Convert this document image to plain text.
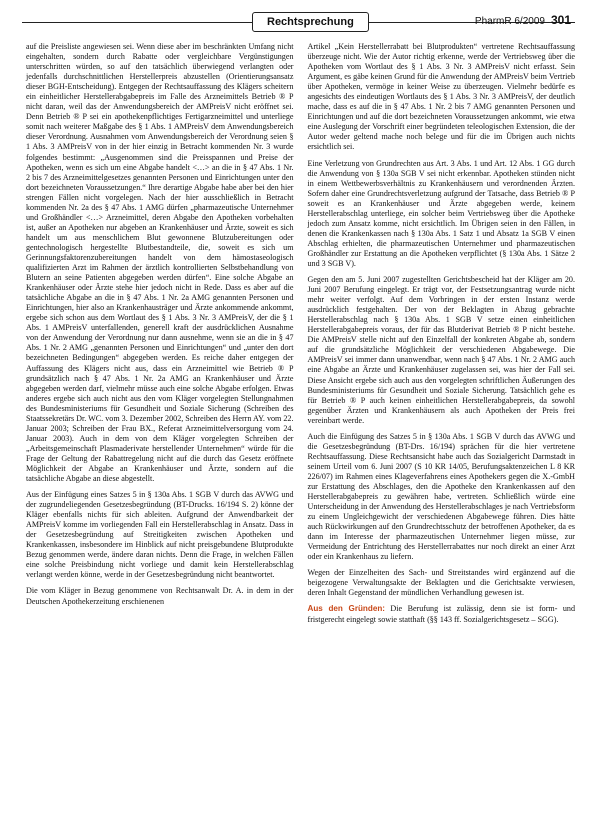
Rechtsprechung	PharmR 6/2009 301

auf die Preisliste angewiesen sei. Wenn diese aber im beschränkten Umfang nicht eingehalten, sondern durch Rabatte oder vergleichbare Vergünstigungen unterschritten würden, so auf den tatsächlich überwiegend verlangten oder jedenfalls durchschnittlichen Herstellerpreis abzustellen (Orientierungsansatz dieser BGH-Entscheidung). Entgegen der Rechtsauffassung des Klägers scheitern ein einheitlicher Herstellerabgabepreis im Falle des Arzneimittels Betrieb ® P nicht daran, weil das der Anwendungsbereich der AMPreisV nicht eröffnet sei. Denn Betrieb ® P sei ein apothekenpflichtiges Fertigarzneimittel und unterliege somit nach weiterer Maßgabe des § 1 Abs. 1 AMPreisV dem Anwendungsbereich dieser Verordnung. Ausnahmen vom Anwendungsbereich der Verordnung seien § 1 Abs. 3 AMPreisV von in der hier einzig in Betracht kommenden Nr. 3 wurde folgendes bestimmt: „Ausgenommen sind die Preisspannen und Preise der Apotheken, wenn es sich um eine Abgabe handelt <…> an die in § 47 Abs. 1 Nr. 2 bis 7 des Arzneimittelgesetzes genannten Personen und Einrichtungen unter den dort bezeichneten Voraussetzungen.“ Ihre derartige Abgabe habe aber bei den hier strengen Fällen nicht vorgelegen. Nach der hier ausschließlich in Betracht kommenden Nr. 2a des § 47 Abs. 1 AMG dürfen „pharmazeutische Unternehmer und Großhändler <…> Arzneimittel, deren Abgabe den Apotheken vorbehalten ist, außer an Apotheken nur abgeben an Krankenhäuser und Ärzte, soweit es sich handelt um aus menschlichem Blut gewonnene Blutzubereitungen oder gentechnologisch hergestellte Blutbestandteile, die, soweit es sich um Gerinnungsfaktorenzubereitungen handelt von dem hämostaseologisch qualifizierten Arzt im Rahmen der ärztlich kontrollierten Selbstbehandlung von Blutern an seine Patienten abgegeben werden dürfen“. Eine solche Abgabe an Krankenhäuser oder Ärzte stehe hier jedoch nicht in Rede. Dass es aber auf die tatsächliche Abgabe an die in § 47 Abs. 1 Nr. 2a AMG genannten Personen und Einrichtungen, hier also an Krankenhausträger und Ärzte ankommende ankommt, ergebe sich schon aus dem Wortlaut des § 1 Abs. 3 Nr. 3 AMPreisV, der die § 1 Abs. 1 AMPreisV unterfallenden, generell kraft der ausdrücklichen Ausnahme von der Anwendung der Verordnung nur dann ausnehme, wenn sie an die in § 47 Abs. 1 Nr. 2 AMG „genannten Personen und Einrichtungen“ und „unter den dort bezeichneten Bedingungen“ abgegeben werden. Es reiche daher entgegen der Auffassung des Klägers nicht aus, dass ein Arzneimittel wie Betrieb ® P grundsätzlich nach § 47 Abs. 1 Nr. 2a AMG an Krankenhäuser und Ärzte abgegeben werden darf, vielmehr müsse auch eine solche Abgabe erfolgen. Etwas anderes ergebe sich auch nicht aus den vom Kläger vorgelegten Stellungnahmen des Bundesministeriums für Gesundheit und Soziale Sicherung (Schreiben des Staatssekretärs Dr. WC. vom 3. Dezember 2002, Schreiben des Herrn AY. vom 22. Januar 2003; Schreiben der Frau BX., Referat Arzneimittelversorgung vom 24. Januar 2003). Auch in dem von dem Kläger vorgelegten Schreiben der „Arbeitsgemeinschaft Plasmaderivate herstellender Unternehmen“ würde für die Frage der Geltung der Rabattregelung nicht auf die durch das Gesetz eröffnete Möglichkeit der Abgabe an Krankenhäuser und Ärzte, sondern auf die tatsächliche Abgabe an diese abgestellt.

Aus der Einfügung eines Satzes 5 in § 130a Abs. 1 SGB V durch das AVWG und der zugrundeliegenden Gesetzesbegründung (BT-Drucks. 16/194 S. 2) könne der Kläger ebenfalls nichts für sich ableiten. Aufgrund der Anwendbarkeit der AMPreisV komme im vorliegenden Fall ein Herstellerabschlag in Ansatz. Dass in der Gesetzesbegründung auf Streitigkeiten zwischen Apotheken und Krankenkassen, insbesondere im Hinblick auf nicht preisgebundene Blutprodukte Bezug genommen werde, ändere daran nichts. Denn die Frage, in welchen Fällen eine solche Preisbindung nicht vorliege und damit kein Herstellerabschlag verlangt werden könne, werde in der Gesetzesbegründung nicht beantwortet.

Die vom Kläger in Bezug genommene von Rechtsanwalt Dr. A. in dem in der Deutschen Apothekerzeitung erschienenen

Artikel „Kein Herstellerrabatt bei Blutprodukten“ vertretene Rechtsauffassung überzeuge nicht. Wie der Autor richtig erkenne, werde der Vertriebsweg über die Apotheken vom Wortlaut des § 1 Abs. 3 Nr. 3 AMPreisV nicht erfasst. Sein Argument, es gäbe keinen Grund für die Anwendung der AMPreisV beim Vertrieb über Apotheken, vermöge in keiner Weise zu überzeugen. Vielmehr bedürfe es angesichts des eindeutigen Wortlauts des § 1 Abs. 3 Nr. 3 AMPreisV, der deutlich mache, dass es auf die in § 47 Abs. 1 Nr. 2 bis 7 AMG genannten Personen und Einrichtungen und auf die dort bezeichneten Voraussetzungen ankommt, wie etwa eine Auslegung der Vorschrift einer begründeten teleologischen Extension, die der Autor weder geltend mache noch belege und für die im Übrigen auch nichts ersichtlich sei.

Eine Verletzung von Grundrechten aus Art. 3 Abs. 1 und Art. 12 Abs. 1 GG durch die Anwendung von § 130a SGB V sei nicht erkennbar. Apotheken stünden nicht in einem Wettbewerbsverhältnis zu Krankenhäusern und verordnenden Ärzten. Sofern daher eine Grundrechtsverletzung aufgrund der Tatsache, dass Betrieb ® P soweit es an Krankenhäuser und Ärzte abgegeben werde, keinem Herstellerabschlag unterliege, ein solcher beim Vertriebsweg über die Apotheke jedoch zum Ansatz komme, nicht ersichtlich. Im Übrigen seien in den Fällen, in denen die Krankenkassen nach § 130a Abs. 1 Satz 1 und Absatz 1a SGB V einen Abschlag erhielten, die pharmazeutischen Unternehmer und pharmazeutischen Großhändler zur Erstattung an die Apotheken verpflichtet (§ 130a Abs. 1 Sätze 2 und 3 SGB V).

Gegen den am 5. Juni 2007 zugestellten Gerichtsbescheid hat der Kläger am 20. Juni 2007 Berufung eingelegt. Er trägt vor, der Festsetzungsantrag wurde nicht mehr weiter verfolgt. Auf dem Vorbringen in der ersten Instanz werde ausdrücklich festgehalten. Der von der Beklagten in Abzug gebrachte Herstellerabschlag nach § 130a Abs. 1 SGB V setze einen einheitlichen Herstellerabgabepreis voraus, der für das Blutderivat Betrieb ® P nicht bestehe. Die AMPreisV stelle nicht auf den Einzelfall der konkreten Abgabe ab, sondern auf die grundsätzliche Möglichkeit der verschiedenen Abgabewege. Die AMPreisV sei immer dann unanwendbar, wenn nach § 47 Abs. 1 Nr. 2 AMG auch eine Abgabe an Ärzte und Krankenhäuser zugelassen sei, was hier der Fall sei. Diese Ansicht ergebe sich auch aus den vorgelegten schriftlichen Äußerungen des Bundesministeriums für Gesundheit und Soziale Sicherung. Tatsächlich gehe es für Betrieb ® P auch keinen einheitlichen Herstellerabgabepreis, da sowohl gegenüber Ärzten und Krankenhäusern als auch Apotheken der Preis frei vereinbart werde.

Auch die Einfügung des Satzes 5 in § 130a Abs. 1 SGB V durch das AVWG und die Gesetzesbegründung (BT-Drs. 16/194) sprächen für die hier vertretene Rechtsauffassung. Diese Rechtsansicht habe auch das Sozialgericht Darmstadt in seinem Urteil vom 6. Juni 2007 (S 10 KR 14/05, Berufungsaktenzeichen L 8 KR 226/07) im Rahmen eines Klageverfahrens eines Apothekers gegen die X.-GmbH zur Erstattung des Abschlages, den die Apotheke den Krankenkassen auf den Herstellerabgabepreis zu gewähren habe, vertreten. Schließlich würde eine Unterscheidung in der Anwendung des Herstellerabschlages je nach Vertriebsform zu einem Ungleichgewicht der verschiedenen Abgabewege führen. Dies hätte auch Rückwirkungen auf den Grundrechtsschutz der betroffenen Apotheker, da es dann im Interesse der pharmazeutischen Unternehmer liegen müsse, zur Vermeidung der Entrichtung des Herstellerrabattes nur noch direkt an einer Arzt oder ein Krankenhaus zu liefern.

Wegen der Einzelheiten des Sach- und Streitstandes wird ergänzend auf die beigezogene Verwaltungsakte der Beklagten und die Gerichtsakte verwiesen, deren Inhalt Gegenstand der mündlichen Verhandlung gewesen ist.

Aus den Gründen: Die Berufung ist zulässig, denn sie ist form- und fristgerecht eingelegt sowie statthaft (§§ 143 ff. Sozialgerichtsgesetz – SGG).
